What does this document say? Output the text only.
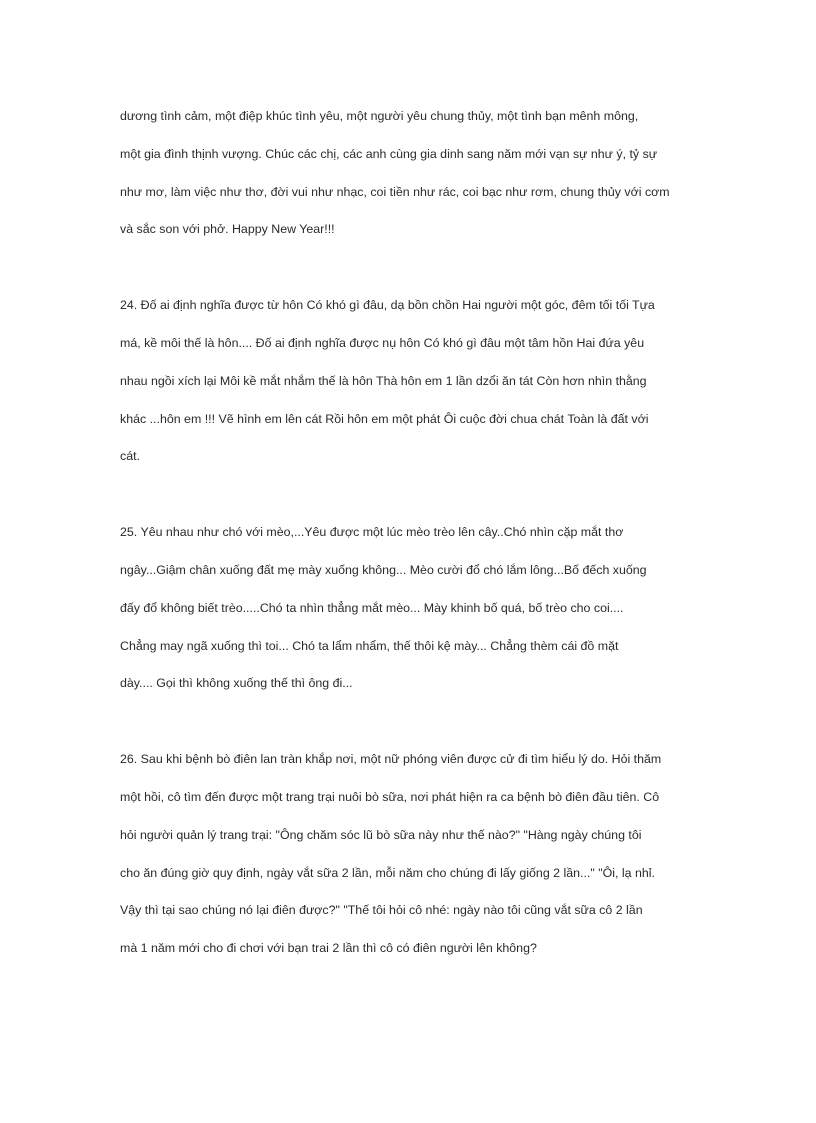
dương tình cảm, một điệp khúc tình yêu, một người yêu chung thủy, một tình bạn mênh mông,
một gia đình thịnh vượng. Chúc các chị, các anh cùng gia dinh sang năm mới vạn sự như ý, tỷ sự
như mơ, làm việc như thơ, đời vui như nhạc, coi tiền như rác, coi bạc như rơm, chung thủy với cơm
và sắc son với phở. Happy New Year!!!

24. Đố ai định nghĩa được từ hôn Có khó gì đâu, dạ bồn chồn Hai người một góc, đêm tối tối Tựa
má, kề môi thế là hôn.... Đố ai định nghĩa được nụ hôn Có khó gì đâu một tâm hồn Hai đứa yêu
nhau ngồi xích lại Môi kề mắt nhắm thế là hôn Thà hôn em 1 lần dzổi ăn tát Còn hơn nhìn thằng
khác ...hôn em !!! Vẽ hình em lên cát Rồi hôn em một phát Ôi cuộc đời chua chát Toàn là đất với
cát.

25. Yêu nhau như chó với mèo,...Yêu được một lúc mèo trèo lên cây..Chó nhìn cặp mắt thơ
ngây...Giậm chân xuống đất mẹ mày xuống không... Mèo cười đổ chó lắm lông...Bố đếch xuống
đấy đổ không biết trèo.....Chó ta nhìn thẳng mắt mèo... Mày khinh bố quá, bố trèo cho coi....
Chẳng may ngã xuống thì toi... Chó ta lẩm nhẩm, thế thôi kệ mày... Chẳng thèm cái đồ mặt
dày.... Gọi thì không xuống thế thì ông đi...

26. Sau khi bệnh bò điên lan tràn khắp nơi, một nữ phóng viên được cử đi tìm hiểu lý do. Hỏi thăm
một hồi, cô tìm đến được một trang trại nuôi bò sữa, nơi phát hiện ra ca bệnh bò điên đầu tiên. Cô
hỏi người quản lý trang trại: "Ông chăm sóc lũ bò sữa này như thế nào?" "Hàng ngày chúng tôi
cho ăn đúng giờ quy định, ngày vắt sữa 2 lần, mỗi năm cho chúng đi lấy giống 2 lần..." "Ôi, lạ nhỉ.
Vậy thì tại sao chúng nó lại điên được?" "Thế tôi hỏi cô nhé: ngày nào tôi cũng vắt sữa cô 2 lần
mà 1 năm mới cho đi chơi với bạn trai 2 lần thì cô có điên người lên không?
